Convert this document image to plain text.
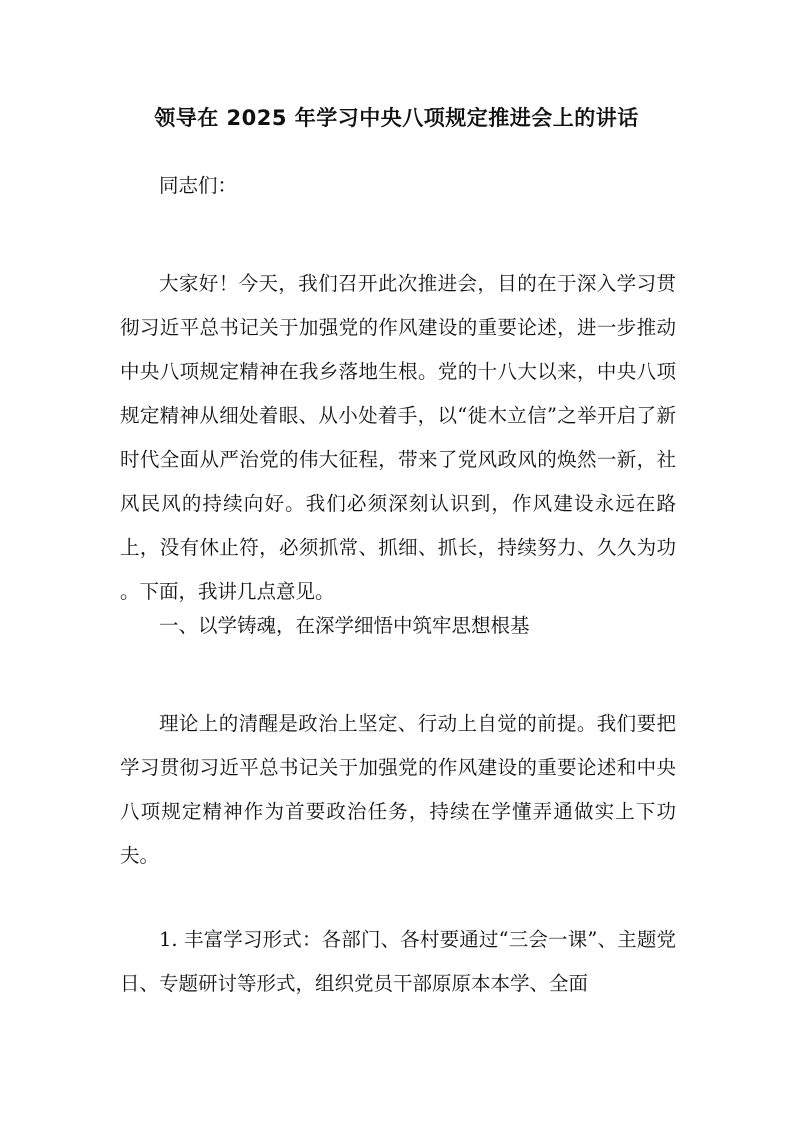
领导在 2025 年学习中央八项规定推进会上的讲话
同志们：
大家好！今天，我们召开此次推进会，目的在于深入学习贯彻习近平总书记关于加强党的作风建设的重要论述，进一步推动中央八项规定精神在我乡落地生根。党的十八大以来，中央八项规定精神从细处着眼、从小处着手，以“徙木立信”之举开启了新时代全面从严治党的伟大征程，带来了党风政风的焕然一新，社风民风的持续向好。我们必须深刻认识到，作风建设永远在路上，没有休止符，必须抓常、抓细、抓长，持续努力、久久为功 。下面，我讲几点意见。
一、以学铸魂，在深学细悟中筑牢思想根基
理论上的清醒是政治上坚定、行动上自觉的前提。我们要把学习贯彻习近平总书记关于加强党的作风建设的重要论述和中央八项规定精神作为首要政治任务，持续在学懂弄通做实上下功夫。
1. 丰富学习形式：各部门、各村要通过“三会一课”、主题党日、专题研讨等形式，组织党员干部原原本本学、全面
